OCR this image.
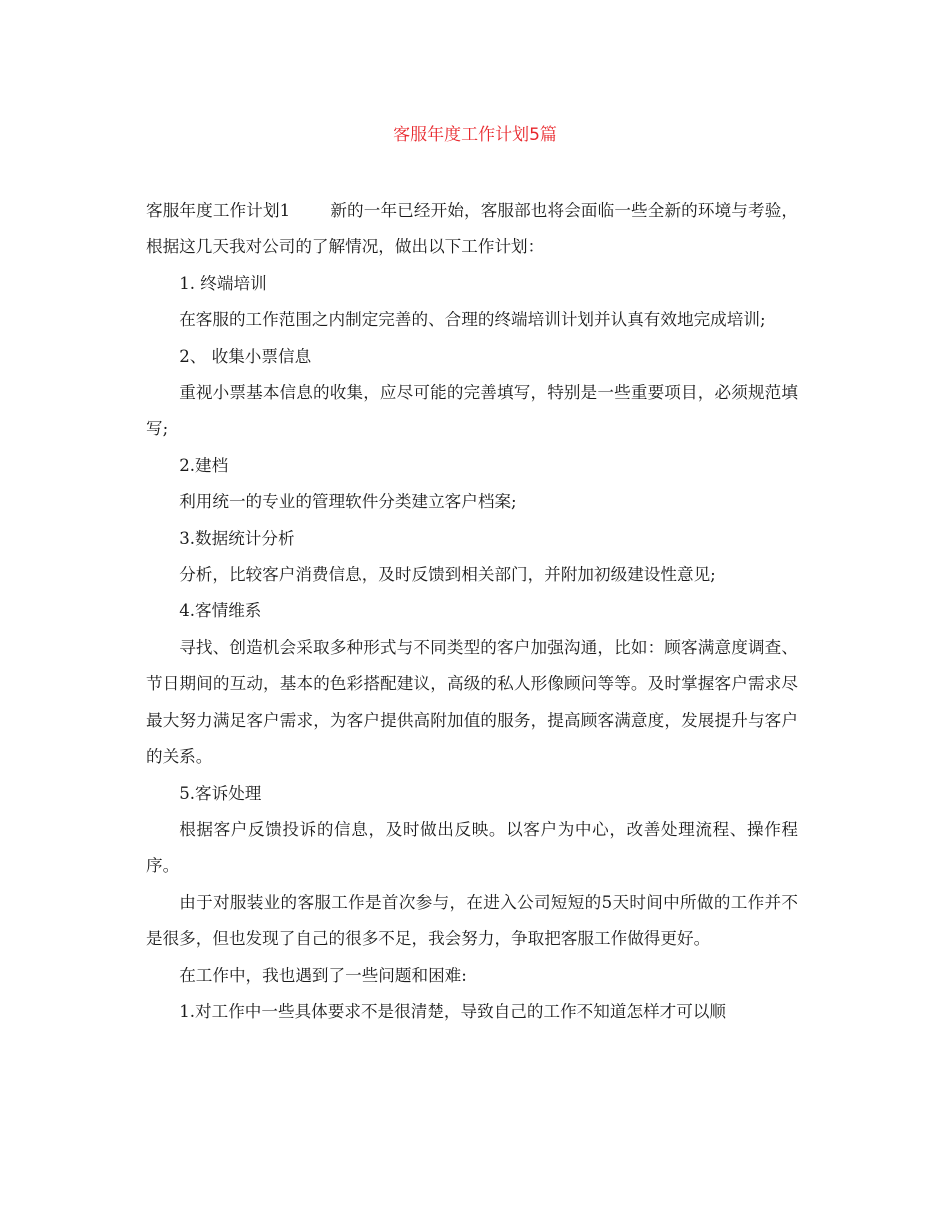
客服年度工作计划5篇

客服年度工作计划1 新的一年已经开始，客服部也将会面临一些全新的环境与考验，根据这几天我对公司的了解情况，做出以下工作计划：

1. 终端培训

在客服的工作范围之内制定完善的、合理的终端培训计划并认真有效地完成培训;

2、 收集小票信息

重视小票基本信息的收集，应尽可能的完善填写，特别是一些重要项目，必须规范填写;

2.建档

利用统一的专业的管理软件分类建立客户档案;

3.数据统计分析

分析，比较客户消费信息，及时反馈到相关部门，并附加初级建设性意见;

4.客情维系

寻找、创造机会采取多种形式与不同类型的客户加强沟通，比如：顾客满意度调查、节日期间的互动，基本的色彩搭配建议，高级的私人形像顾问等等。及时掌握客户需求尽最大努力满足客户需求，为客户提供高附加值的服务，提高顾客满意度，发展提升与客户的关系。

5.客诉处理

根据客户反馈投诉的信息，及时做出反映。以客户为中心，改善处理流程、操作程序。

由于对服装业的客服工作是首次参与，在进入公司短短的5天时间中所做的工作并不是很多，但也发现了自己的很多不足，我会努力，争取把客服工作做得更好。

在工作中，我也遇到了一些问题和困难:

1.对工作中一些具体要求不是很清楚，导致自己的工作不知道怎样才可以顺
